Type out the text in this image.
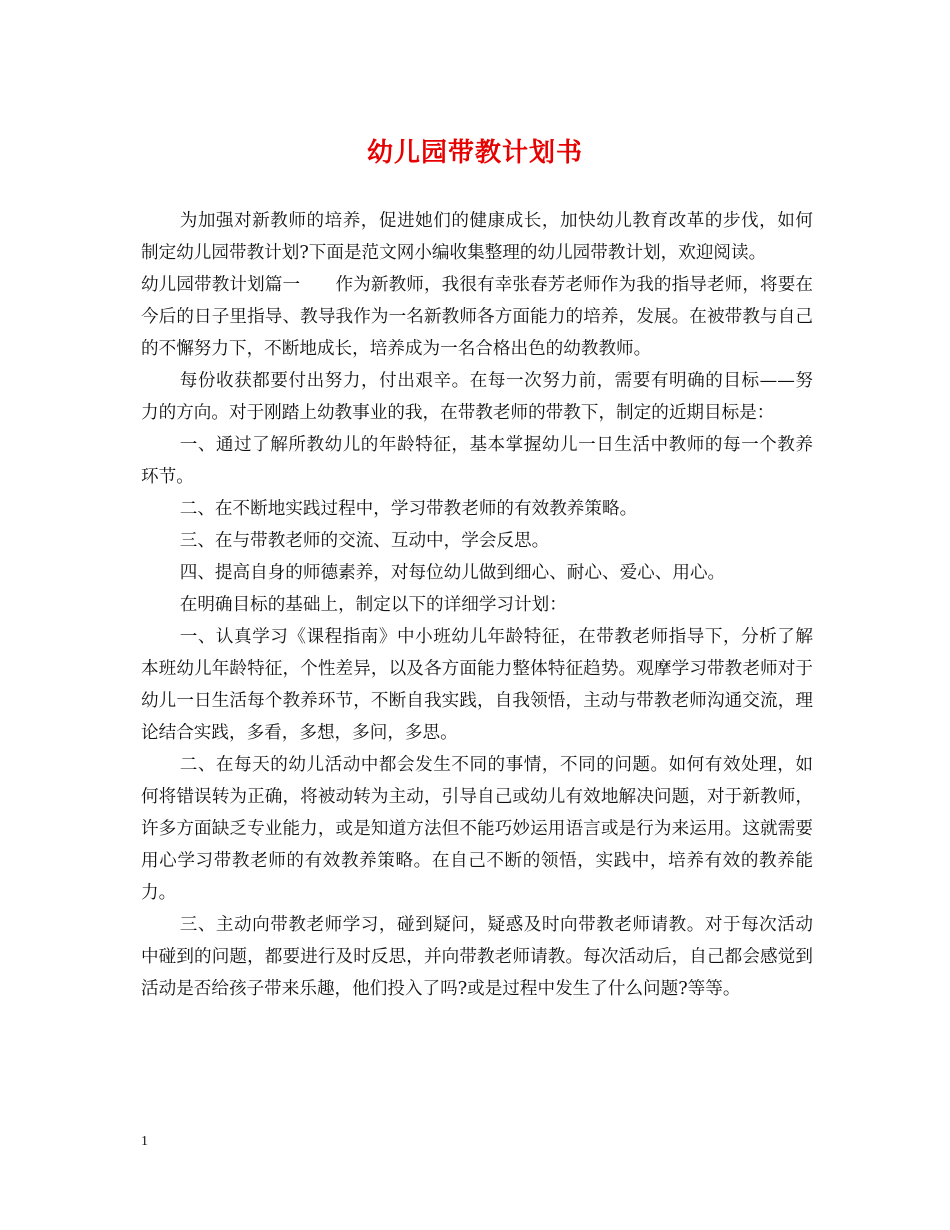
幼儿园带教计划书

为加强对新教师的培养，促进她们的健康成长，加快幼儿教育改革的步伐，如何制定幼儿园带教计划?下面是范文网小编收集整理的幼儿园带教计划，欢迎阅读。

幼儿园带教计划篇一　　作为新教师，我很有幸张春芳老师作为我的指导老师，将要在今后的日子里指导、教导我作为一名新教师各方面能力的培养，发展。在被带教与自己的不懈努力下，不断地成长，培养成为一名合格出色的幼教教师。

每份收获都要付出努力，付出艰辛。在每一次努力前，需要有明确的目标——努力的方向。对于刚踏上幼教事业的我，在带教老师的带教下，制定的近期目标是：

一、通过了解所教幼儿的年龄特征，基本掌握幼儿一日生活中教师的每一个教养环节。

二、在不断地实践过程中，学习带教老师的有效教养策略。

三、在与带教老师的交流、互动中，学会反思。

四、提高自身的师德素养，对每位幼儿做到细心、耐心、爱心、用心。

在明确目标的基础上，制定以下的详细学习计划：

一、认真学习《课程指南》中小班幼儿年龄特征，在带教老师指导下，分析了解本班幼儿年龄特征，个性差异，以及各方面能力整体特征趋势。观摩学习带教老师对于幼儿一日生活每个教养环节，不断自我实践，自我领悟，主动与带教老师沟通交流，理论结合实践，多看，多想，多问，多思。

二、在每天的幼儿活动中都会发生不同的事情，不同的问题。如何有效处理，如何将错误转为正确，将被动转为主动，引导自己或幼儿有效地解决问题，对于新教师，许多方面缺乏专业能力，或是知道方法但不能巧妙运用语言或是行为来运用。这就需要用心学习带教老师的有效教养策略。在自己不断的领悟，实践中，培养有效的教养能力。

三、主动向带教老师学习，碰到疑问，疑惑及时向带教老师请教。对于每次活动中碰到的问题，都要进行及时反思，并向带教老师请教。每次活动后，自己都会感觉到活动是否给孩子带来乐趣，他们投入了吗?或是过程中发生了什么问题?等等。

1
